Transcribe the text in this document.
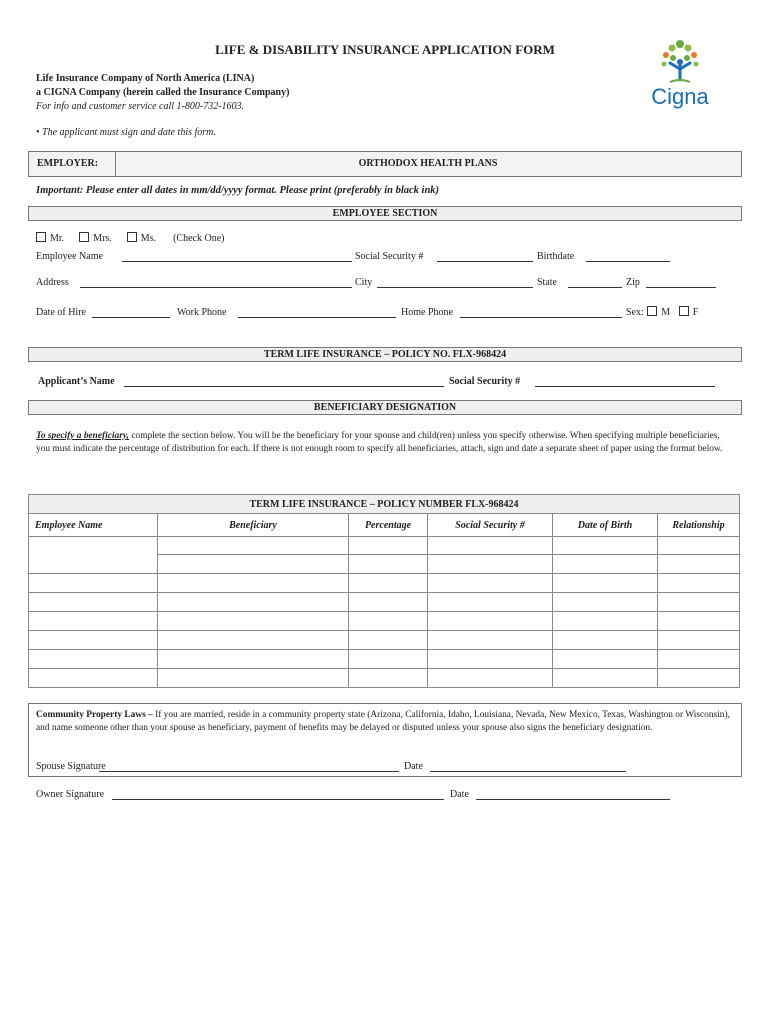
LIFE & DISABILITY INSURANCE APPLICATION FORM
Life Insurance Company of North America (LINA)
a CIGNA Company (herein called the Insurance Company)
For info and customer service call 1-800-732-1603.
• The applicant must sign and date this form.
Cigna
EMPLOYER:	ORTHODOX HEALTH PLANS
Important: Please enter all dates in mm/dd/yyyy format. Please print (preferably in black ink)
EMPLOYEE SECTION
Mr.	Mrs.	Ms. (Check One)
Employee Name	Social Security #	Birthdate
Address	City	State	Zip
Date of Hire	Work Phone	Home Phone	Sex: M F
TERM LIFE INSURANCE – POLICY NO. FLX-968424
Applicant’s Name	Social Security #
BENEFICIARY DESIGNATION
To specify a beneficiary, complete the section below. You will be the beneficiary for your spouse and child(ren) unless you specify otherwise. When specifying multiple beneficiaries, you must indicate the percentage of distribution for each. If there is not enough room to specify all beneficiaries, attach, sign and date a separate sheet of paper using the format below.
TERM LIFE INSURANCE – POLICY NUMBER FLX-968424					
Employee Name	Beneficiary	Percentage	Social Security #	Date of Birth	Relationship

Community Property Laws – If you are married, reside in a community property state (Arizona, California, Idaho, Louisiana, Nevada, New Mexico, Texas, Washington or Wisconsin), and name someone other than your spouse as beneficiary, payment of benefits may be delayed or disputed unless your spouse also signs the beneficiary designation.
Spouse Signature	Date
Owner Signature	Date
